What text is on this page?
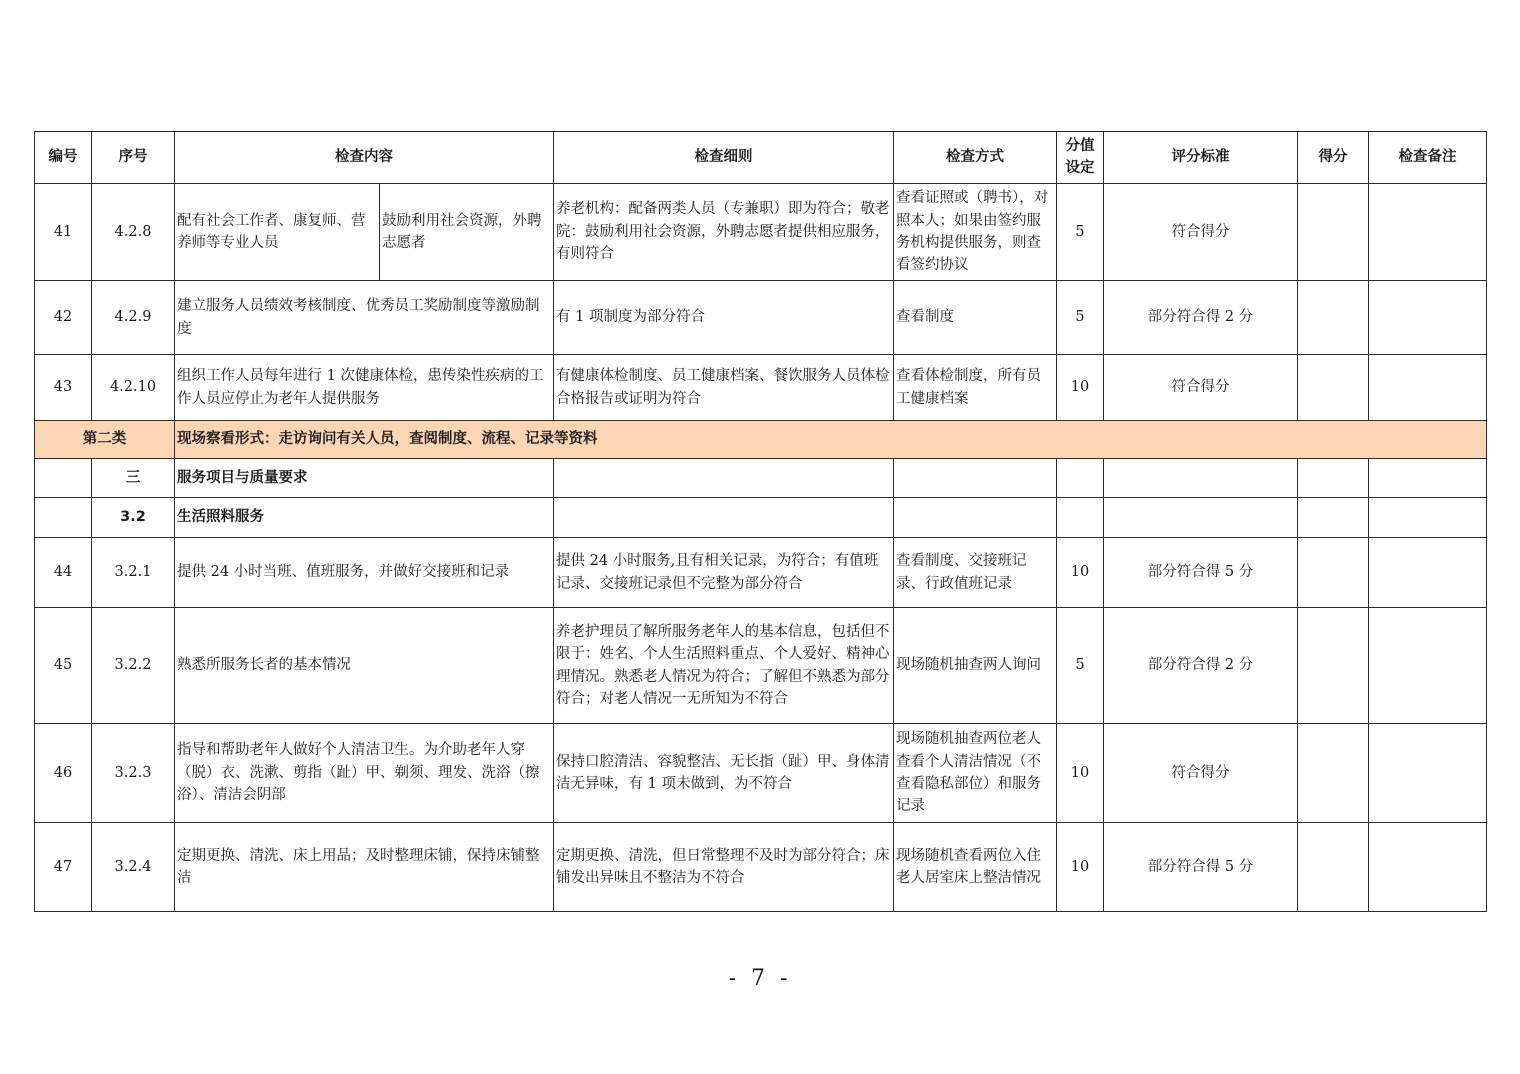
编号	序号	检查内容		检查细则	检查方式	分值设定	评分标准	得分	检查备注
41	4.2.8	配有社会工作者、康复师、营养师等专业人员	鼓励利用社会资源，外聘志愿者	养老机构：配备两类人员（专兼职）即为符合；敬老院：鼓励利用社会资源，外聘志愿者提供相应服务，有则符合	查看证照或（聘书），对照本人；如果由签约服务机构提供服务，则查看签约协议	5	符合得分		
42	4.2.9	建立服务人员绩效考核制度、优秀员工奖励制度等激励制度		有 1 项制度为部分符合	查看制度	5	部分符合得 2 分		
43	4.2.10	组织工作人员每年进行 1 次健康体检，患传染性疾病的工作人员应停止为老年人提供服务		有健康体检制度、员工健康档案、餐饮服务人员体检合格报告或证明为符合	查看体检制度，所有员工健康档案	10	符合得分		
第二类		现场察看形式：走访询问有关人员，查阅制度、流程、记录等资料							
	三	服务项目与质量要求							
	3.2	生活照料服务							
44	3.2.1	提供 24 小时当班、值班服务，并做好交接班和记录		提供 24 小时服务,且有相关记录，为符合；有值班记录、交接班记录但不完整为部分符合	查看制度、交接班记录、行政值班记录	10	部分符合得 5 分		
45	3.2.2	熟悉所服务长者的基本情况		养老护理员了解所服务老年人的基本信息，包括但不限于：姓名、个人生活照料重点、个人爱好、精神心理情况。熟悉老人情况为符合；了解但不熟悉为部分符合；对老人情况一无所知为不符合	现场随机抽查两人询问	5	部分符合得 2 分		
46	3.2.3	指导和帮助老年人做好个人清洁卫生。为介助老年人穿（脱）衣、洗漱、剪指（趾）甲、剃须、理发、洗浴（擦浴）、清洁会阴部		保持口腔清洁、容貌整洁、无长指（趾）甲、身体清洁无异味，有 1 项未做到，为不符合	现场随机抽查两位老人查看个人清洁情况（不查看隐私部位）和服务记录	10	符合得分		
47	3.2.4	定期更换、清洗、床上用品；及时整理床铺，保持床铺整洁		定期更换、清洗，但日常整理不及时为部分符合；床铺发出异味且不整洁为不符合	现场随机查看两位入住老人居室床上整洁情况	10	部分符合得 5 分		
- 7 -
